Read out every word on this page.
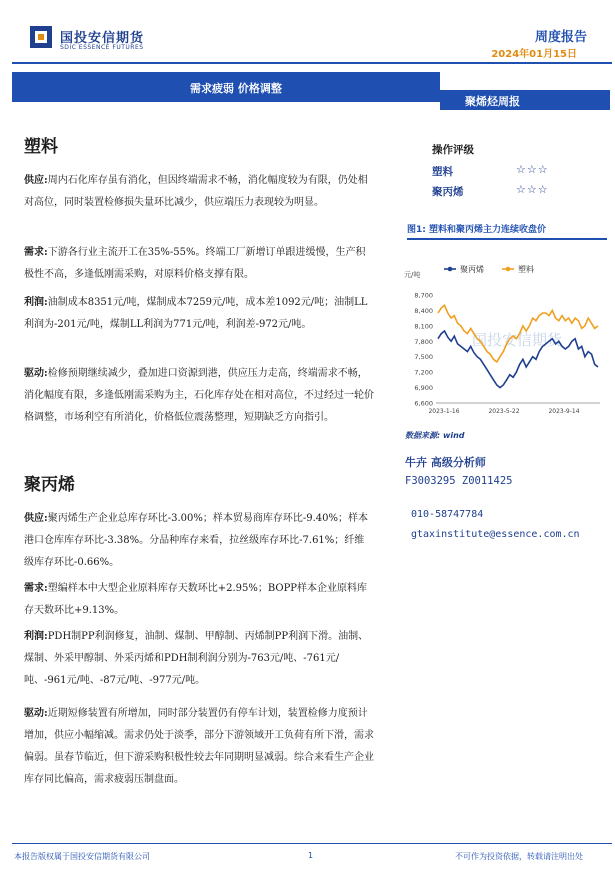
国投安信期货
SDIC ESSENCE FUTURES
周度报告
2024年01月15日
需求疲弱 价格调整
聚烯烃周报
塑料
供应:周内石化库存虽有消化，但因终端需求不畅，消化幅度较为有限，仍处相对高位，同时装置检修损失量环比减少，供应端压力表现较为明显。
需求:下游各行业主流开工在35%-55%。终端工厂新增订单跟进缓慢，生产积极性不高，多逢低刚需采购，对原料价格支撑有限。
利润:油制成本8351元/吨，煤制成本7259元/吨，成本差1092元/吨；油制LL利润为-201元/吨，煤制LL利润为771元/吨，利润差-972元/吨。
驱动:检修预期继续减少，叠加进口资源到港，供应压力走高，终端需求不畅，消化幅度有限，多逢低刚需采购为主，石化库存处在相对高位，不过经过一轮价格调整，市场利空有所消化，价格低位震荡整理，短期缺乏方向指引。
聚丙烯
供应:聚丙烯生产企业总库存环比-3.00%；样本贸易商库存环比-9.40%；样本港口仓库库存环比-3.38%。分品种库存来看，拉丝级库存环比-7.61%；纤维级库存环比-0.66%。
需求:塑编样本中大型企业原料库存天数环比+2.95%；BOPP样本企业原料库存天数环比+9.13%。
利润:PDH制PP利润修复，油制、煤制、甲醇制、丙烯制PP利润下滑。油制、煤制、外采甲醇制、外采丙烯和PDH制利润分别为-763元/吨、-761元/吨、-961元/吨、-87元/吨、-977元/吨。
驱动:近期短修装置有所增加，同时部分装置仍有停车计划，装置检修力度预计增加，供应小幅缩减。需求仍处于淡季，部分下游领域开工负荷有所下滑，需求偏弱。虽春节临近，但下游采购积极性较去年同期明显减弱。综合来看生产企业库存同比偏高，需求疲弱压制盘面。
操作评级
塑料	☆☆☆
聚丙烯	☆☆☆
图1: 塑料和聚丙烯主力连续收盘价
国投安信期货
元/吨
聚丙烯	塑料
6,600
6,900
7,200
7,500
7,800
8,100
8,400
8,700
2023-1-16	2023-5-22	2023-9-14
数据来源: wind
牛卉 高级分析师
F3003295 Z0011425
010-58747784
gtaxinstitute@essence.com.cn
本报告版权属于国投安信期货有限公司	1	不可作为投资依据，转载请注明出处
